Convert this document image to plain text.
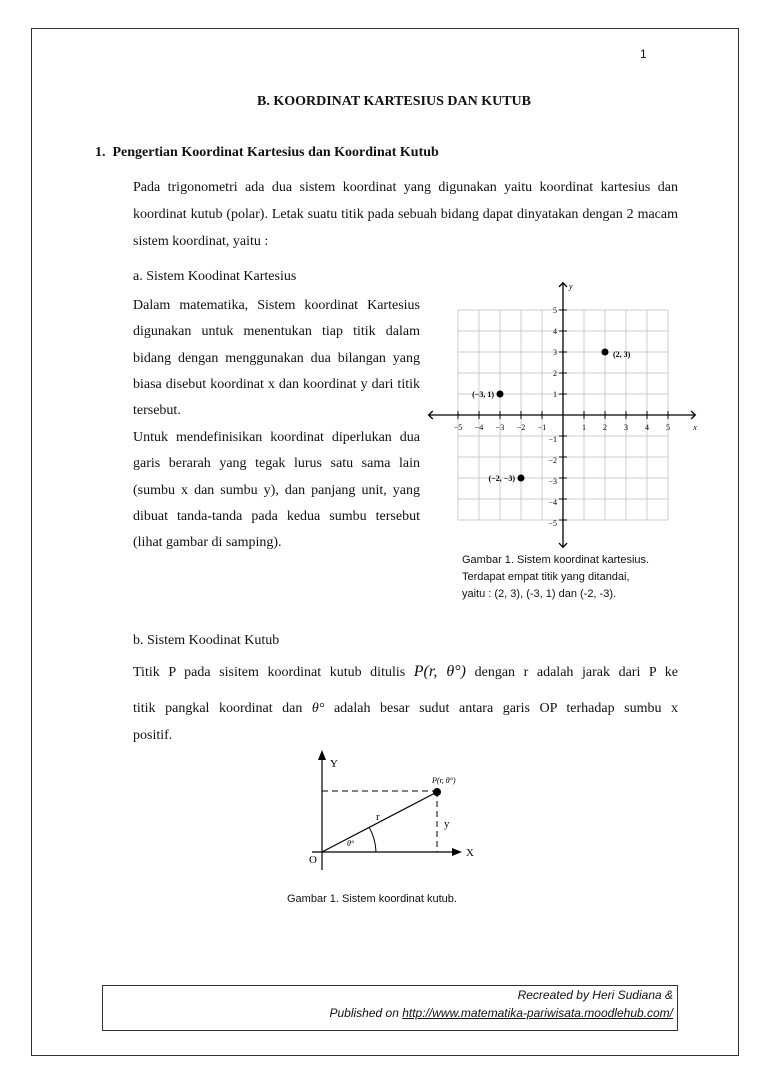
1
B. KOORDINAT KARTESIUS DAN KUTUB
1. Pengertian Koordinat Kartesius dan Koordinat Kutub
Pada trigonometri ada dua sistem koordinat yang digunakan yaitu koordinat kartesius dan koordinat kutub (polar). Letak suatu titik pada sebuah bidang dapat dinyatakan dengan 2 macam sistem koordinat, yaitu :
a. Sistem Koodinat Kartesius
Dalam matematika, Sistem koordinat Kartesius digunakan untuk menentukan tiap titik dalam bidang dengan menggunakan dua bilangan yang biasa disebut koordinat x dan koordinat y dari titik tersebut.
Untuk mendefinisikan koordinat diperlukan dua garis berarah yang tegak lurus satu sama lain (sumbu x dan sumbu y), dan panjang unit, yang dibuat tanda-tanda pada kedua sumbu tersebut (lihat gambar di samping).
−5
−5
−4
−4
−3
−3
−2
−2
−1
−1
1
1
2
2
3
3
4
4
5
5
x
y
(2, 3)
(−3, 1)
(−2, −3)
Gambar 1. Sistem koordinat kartesius.
Terdapat empat titik yang ditandai,
yaitu : (2, 3), (-3, 1) dan (-2, -3).
b. Sistem Koodinat Kutub
Titik P pada sisitem koordinat kutub ditulis P(r, θ°) dengan r adalah jarak dari P ke
titik pangkal koordinat dan θ° adalah besar sudut antara garis OP terhadap sumbu x
positif.
Y
X
O
r
y
θ°
P(r, θ°)
Gambar 1. Sistem koordinat kutub.
Recreated by Heri Sudiana &
Published on http://www.matematika-pariwisata.moodlehub.com/
